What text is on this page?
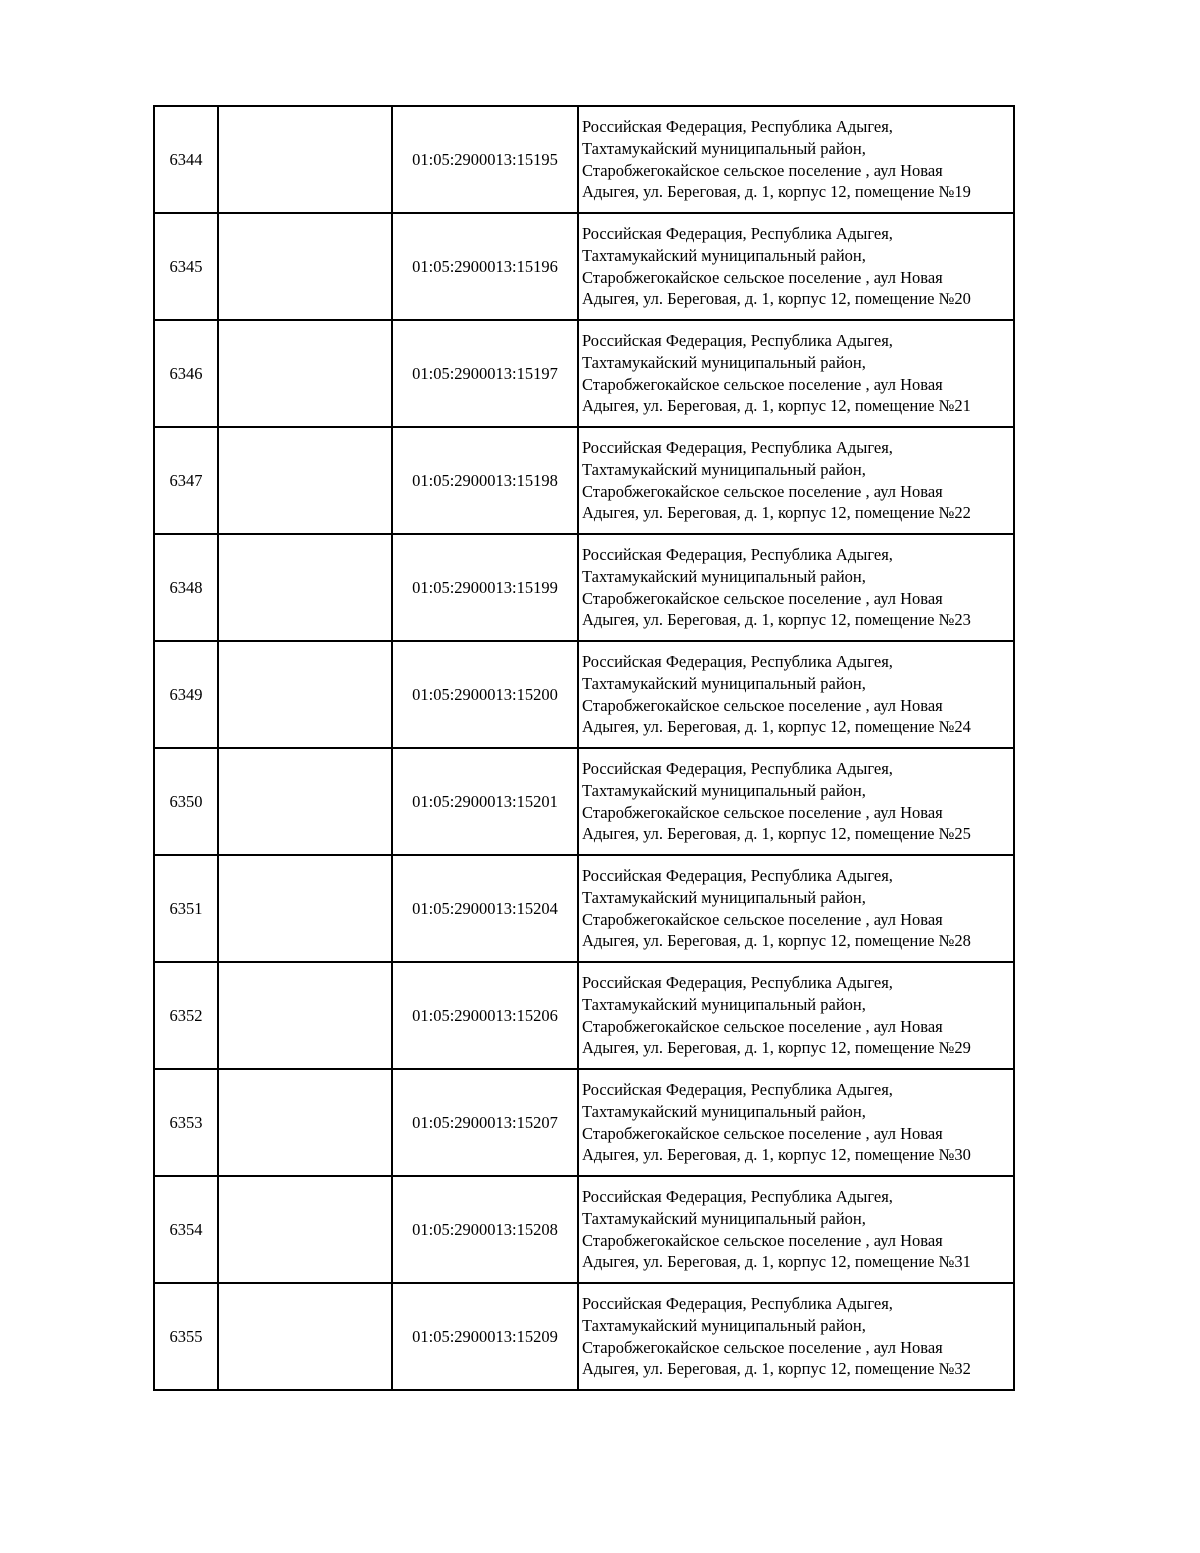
6344		01:05:2900013:15195	Российская Федерация, Республика Адыгея,
Тахтамукайский муниципальный район,
Старобжегокайское сельское поселение , аул Новая
Адыгея, ул. Береговая, д. 1, корпус 12, помещение №19

6345		01:05:2900013:15196	Российская Федерация, Республика Адыгея,
Тахтамукайский муниципальный район,
Старобжегокайское сельское поселение , аул Новая
Адыгея, ул. Береговая, д. 1, корпус 12, помещение №20

6346		01:05:2900013:15197	Российская Федерация, Республика Адыгея,
Тахтамукайский муниципальный район,
Старобжегокайское сельское поселение , аул Новая
Адыгея, ул. Береговая, д. 1, корпус 12, помещение №21

6347		01:05:2900013:15198	Российская Федерация, Республика Адыгея,
Тахтамукайский муниципальный район,
Старобжегокайское сельское поселение , аул Новая
Адыгея, ул. Береговая, д. 1, корпус 12, помещение №22

6348		01:05:2900013:15199	Российская Федерация, Республика Адыгея,
Тахтамукайский муниципальный район,
Старобжегокайское сельское поселение , аул Новая
Адыгея, ул. Береговая, д. 1, корпус 12, помещение №23

6349		01:05:2900013:15200	Российская Федерация, Республика Адыгея,
Тахтамукайский муниципальный район,
Старобжегокайское сельское поселение , аул Новая
Адыгея, ул. Береговая, д. 1, корпус 12, помещение №24

6350		01:05:2900013:15201	Российская Федерация, Республика Адыгея,
Тахтамукайский муниципальный район,
Старобжегокайское сельское поселение , аул Новая
Адыгея, ул. Береговая, д. 1, корпус 12, помещение №25

6351		01:05:2900013:15204	Российская Федерация, Республика Адыгея,
Тахтамукайский муниципальный район,
Старобжегокайское сельское поселение , аул Новая
Адыгея, ул. Береговая, д. 1, корпус 12, помещение №28

6352		01:05:2900013:15206	Российская Федерация, Республика Адыгея,
Тахтамукайский муниципальный район,
Старобжегокайское сельское поселение , аул Новая
Адыгея, ул. Береговая, д. 1, корпус 12, помещение №29

6353		01:05:2900013:15207	Российская Федерация, Республика Адыгея,
Тахтамукайский муниципальный район,
Старобжегокайское сельское поселение , аул Новая
Адыгея, ул. Береговая, д. 1, корпус 12, помещение №30

6354		01:05:2900013:15208	Российская Федерация, Республика Адыгея,
Тахтамукайский муниципальный район,
Старобжегокайское сельское поселение , аул Новая
Адыгея, ул. Береговая, д. 1, корпус 12, помещение №31

6355		01:05:2900013:15209	Российская Федерация, Республика Адыгея,
Тахтамукайский муниципальный район,
Старобжегокайское сельское поселение , аул Новая
Адыгея, ул. Береговая, д. 1, корпус 12, помещение №32
